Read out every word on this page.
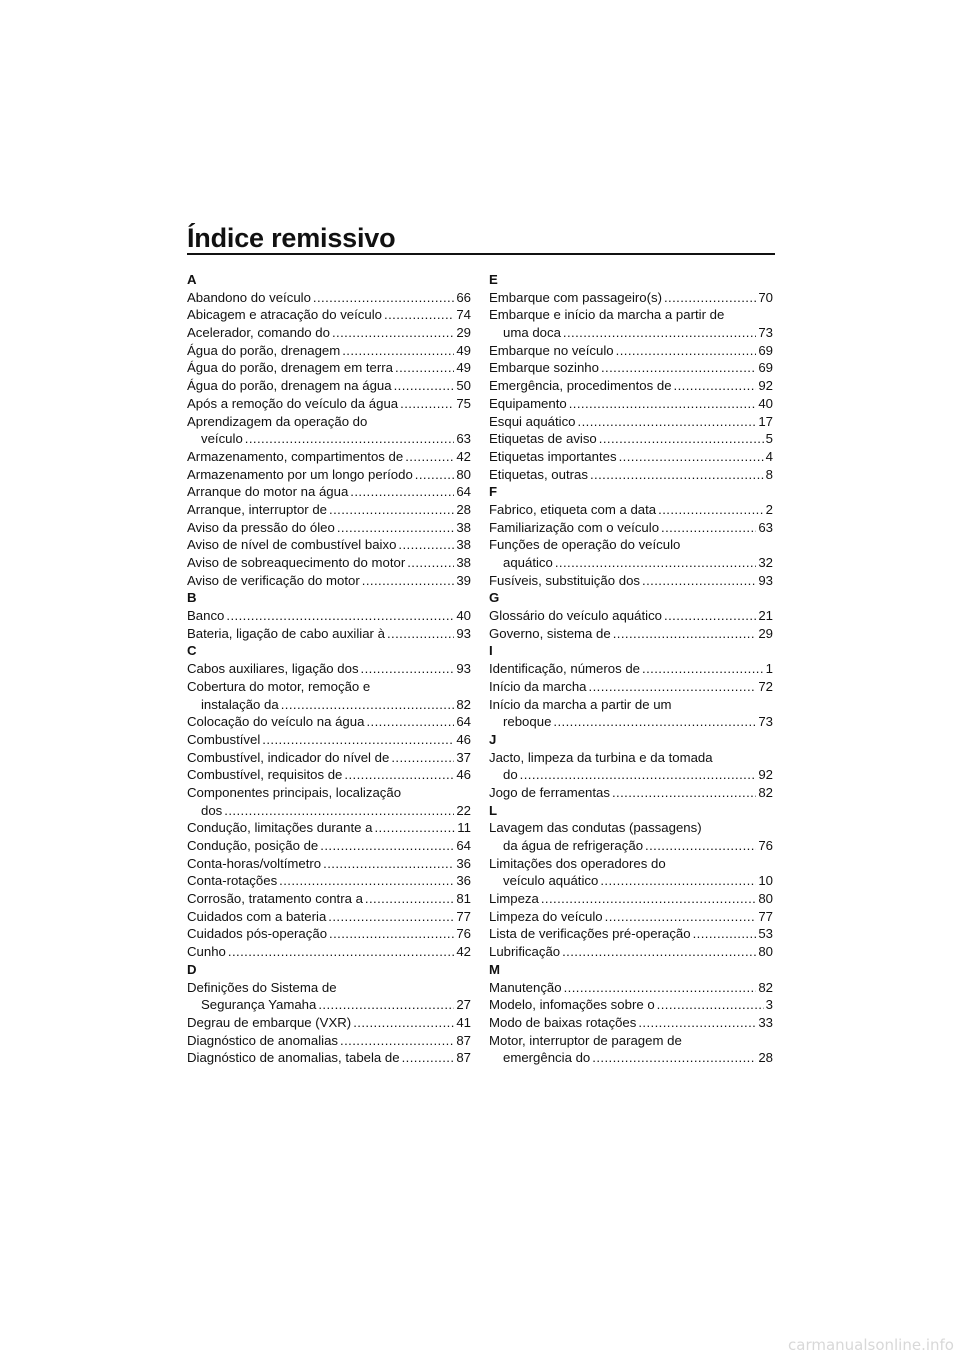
Índice remissivo
A
Abandono do veículo .....	66
Abicagem e atracação do veículo .....	74
Acelerador, comando do .....	29
Água do porão, drenagem .....	49
Água do porão, drenagem em terra .....	49
Água do porão, drenagem na água .....	50
Após a remoção do veículo da água .....	75
Aprendizagem da operação do
veículo .....	63
Armazenamento, compartimentos de .....	42
Armazenamento por um longo período .....	80
Arranque do motor na água .....	64
Arranque, interruptor de .....	28
Aviso da pressão do óleo .....	38
Aviso de nível de combustível baixo .....	38
Aviso de sobreaquecimento do motor .....	38
Aviso de verificação do motor .....	39
B
Banco .....	40
Bateria, ligação de cabo auxiliar à .....	93
C
Cabos auxiliares, ligação dos .....	93
Cobertura do motor, remoção e
instalação da .....	82
Colocação do veículo na água .....	64
Combustível .....	46
Combustível, indicador do nível de .....	37
Combustível, requisitos de .....	46
Componentes principais, localização
dos .....	22
Condução, limitações durante a .....	11
Condução, posição de .....	64
Conta-horas/voltímetro .....	36
Conta-rotações .....	36
Corrosão, tratamento contra a .....	81
Cuidados com a bateria .....	77
Cuidados pós-operação .....	76
Cunho .....	42
D
Definições do Sistema de
Segurança Yamaha .....	27
Degrau de embarque (VXR) .....	41
Diagnóstico de anomalias .....	87
Diagnóstico de anomalias, tabela de .....	87
E
Embarque com passageiro(s) .....	70
Embarque e início da marcha a partir de
uma doca .....	73
Embarque no veículo .....	69
Embarque sozinho .....	69
Emergência, procedimentos de .....	92
Equipamento .....	40
Esqui aquático .....	17
Etiquetas de aviso .....	5
Etiquetas importantes .....	4
Etiquetas, outras .....	8
F
Fabrico, etiqueta com a data .....	2
Familiarização com o veículo .....	63
Funções de operação do veículo
aquático .....	32
Fusíveis, substituição dos .....	93
G
Glossário do veículo aquático .....	21
Governo, sistema de .....	29
I
Identificação, números de .....	1
Início da marcha .....	72
Início da marcha a partir de um
reboque .....	73
J
Jacto, limpeza da turbina e da tomada
do .....	92
Jogo de ferramentas .....	82
L
Lavagem das condutas (passagens)
da água de refrigeração .....	76
Limitações dos operadores do
veículo aquático .....	10
Limpeza .....	80
Limpeza do veículo .....	77
Lista de verificações pré-operação .....	53
Lubrificação .....	80
M
Manutenção .....	82
Modelo, infomações sobre o .....	3
Modo de baixas rotações .....	33
Motor, interruptor de paragem de
emergência do .....	28
carmanualsonline.info
